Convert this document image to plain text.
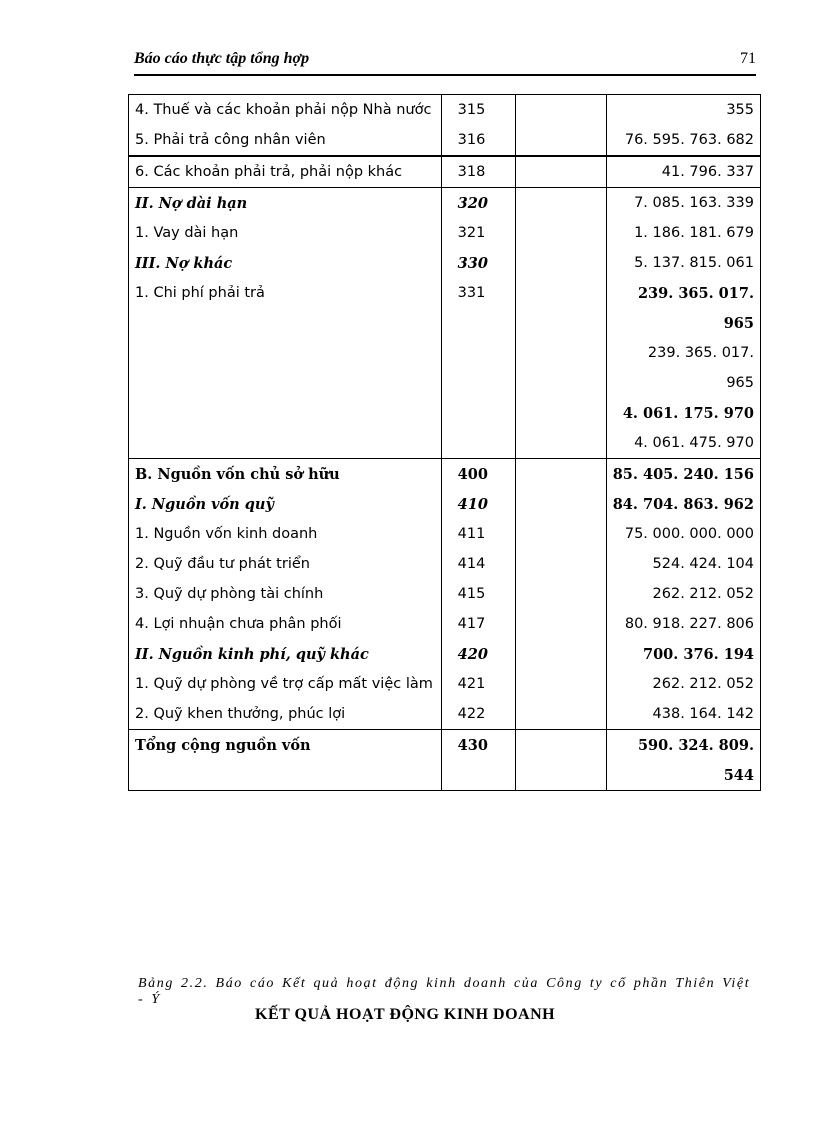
Báo cáo thực tập tổng hợp	71
4. Thuế và các khoản phải nộp Nhà nước	315		355
5. Phải trả công nhân viên	316		76. 595. 763. 682
6. Các khoản phải trả, phải nộp khác	318		41. 796. 337
II. Nợ dài hạn	320		7. 085. 163. 339
1. Vay dài hạn	321		1. 186. 181. 679
III. Nợ khác	330		5. 137. 815. 061
1. Chi phí phải trả	331		239. 365. 017.
			965
			239. 365. 017.
			965
			4. 061. 175. 970
			4. 061. 475. 970
B. Nguồn vốn chủ sở hữu	400		85. 405. 240. 156
I. Nguồn vốn quỹ	410		84. 704. 863. 962
1. Nguồn vốn kinh doanh	411		75. 000. 000. 000
2. Quỹ đầu tư phát triển	414		524. 424. 104
3. Quỹ dự phòng tài chính	415		262. 212. 052
4. Lợi nhuận chưa phân phối	417		80. 918. 227. 806
II. Nguồn kinh phí, quỹ khác	420		700. 376. 194
1. Quỹ dự phòng về trợ cấp mất việc làm	421		262. 212. 052
2. Quỹ khen thưởng, phúc lợi	422		438. 164. 142
Tổng cộng nguồn vốn	430		590. 324. 809.
			544
Bảng 2.2. Báo cáo Kết quả hoạt động kinh doanh của Công ty cổ phần Thiên Việt - Ý
KẾT QUẢ HOẠT ĐỘNG KINH DOANH
